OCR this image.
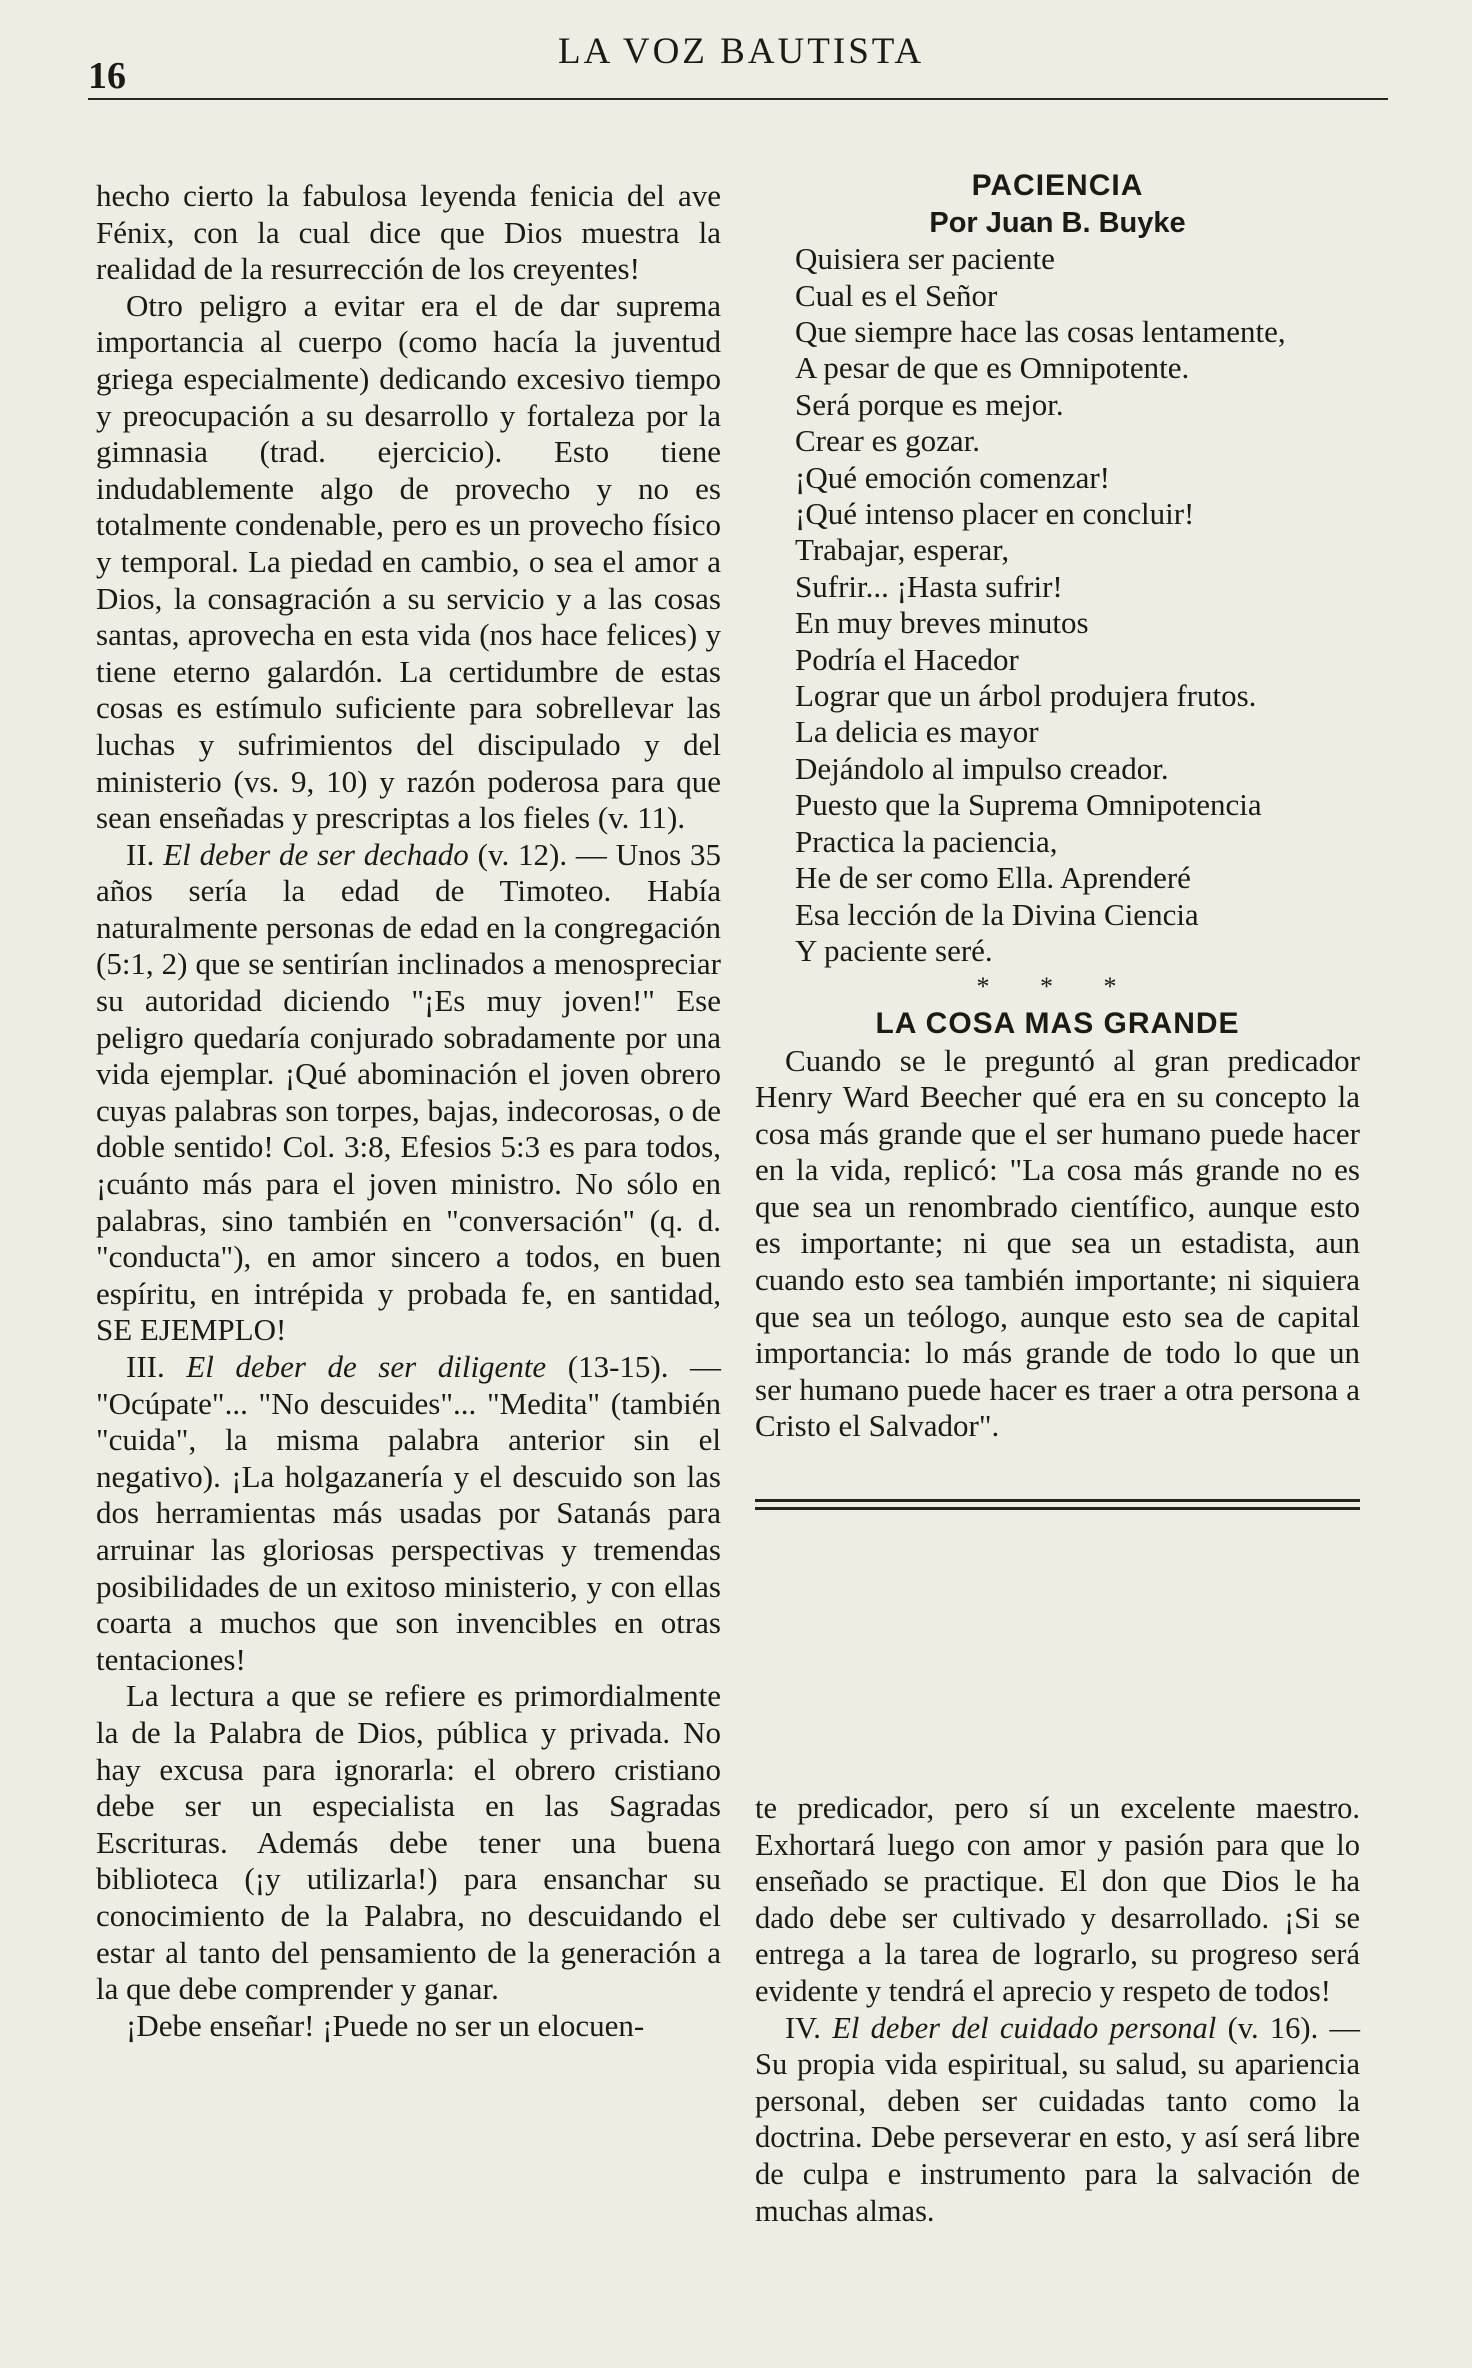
16
LA VOZ BAUTISTA

hecho cierto la fabulosa leyenda fenicia del ave Fénix, con la cual dice que Dios muestra la realidad de la resurrección de los creyentes!

Otro peligro a evitar era el de dar suprema importancia al cuerpo (como hacía la juventud griega especialmente) dedicando excesivo tiempo y preocupación a su desarrollo y fortaleza por la gimnasia (trad. ejercicio). Esto tiene indudablemente algo de provecho y no es totalmente condenable, pero es un provecho físico y temporal. La piedad en cambio, o sea el amor a Dios, la consagración a su servicio y a las cosas santas, aprovecha en esta vida (nos hace felices) y tiene eterno galardón. La certidumbre de estas cosas es estímulo suficiente para sobrellevar las luchas y sufrimientos del discipulado y del ministerio (vs. 9, 10) y razón poderosa para que sean enseñadas y prescriptas a los fieles (v. 11).

II. El deber de ser dechado (v. 12). — Unos 35 años sería la edad de Timoteo. Había naturalmente personas de edad en la congregación (5:1, 2) que se sentirían inclinados a menospreciar su autoridad diciendo "¡Es muy joven!" Ese peligro quedaría conjurado sobradamente por una vida ejemplar. ¡Qué abominación el joven obrero cuyas palabras son torpes, bajas, indecorosas, o de doble sentido! Col. 3:8, Efesios 5:3 es para todos, ¡cuánto más para el joven ministro. No sólo en palabras, sino también en "conversación" (q. d. "conducta"), en amor sincero a todos, en buen espíritu, en intrépida y probada fe, en santidad, SE EJEMPLO!

III. El deber de ser diligente (13-15). — "Ocúpate"... "No descuides"... "Medita" (también "cuida", la misma palabra anterior sin el negativo). ¡La holgazanería y el descuido son las dos herramientas más usadas por Satanás para arruinar las gloriosas perspectivas y tremendas posibilidades de un exitoso ministerio, y con ellas coarta a muchos que son invencibles en otras tentaciones!

La lectura a que se refiere es primordialmente la de la Palabra de Dios, pública y privada. No hay excusa para ignorarla: el obrero cristiano debe ser un especialista en las Sagradas Escrituras. Además debe tener una buena biblioteca (¡y utilizarla!) para ensanchar su conocimiento de la Palabra, no descuidando el estar al tanto del pensamiento de la generación a la que debe comprender y ganar.

¡Debe enseñar! ¡Puede no ser un elocuen-

PACIENCIA

Por Juan B. Buyke

Quisiera ser paciente
Cual es el Señor
Que siempre hace las cosas lentamente,
A pesar de que es Omnipotente.
Será porque es mejor.
Crear es gozar.
¡Qué emoción comenzar!
¡Qué intenso placer en concluir!
Trabajar, esperar,
Sufrir... ¡Hasta sufrir!
En muy breves minutos
Podría el Hacedor
Lograr que un árbol produjera frutos.
La delicia es mayor
Dejándolo al impulso creador.
Puesto que la Suprema Omnipotencia
Practica la paciencia,
He de ser como Ella. Aprenderé
Esa lección de la Divina Ciencia
Y paciente seré.

* * *

LA COSA MAS GRANDE

Cuando se le preguntó al gran predicador Henry Ward Beecher qué era en su concepto la cosa más grande que el ser humano puede hacer en la vida, replicó: "La cosa más grande no es que sea un renombrado científico, aunque esto es importante; ni que sea un estadista, aun cuando esto sea también importante; ni siquiera que sea un teólogo, aunque esto sea de capital importancia: lo más grande de todo lo que un ser humano puede hacer es traer a otra persona a Cristo el Salvador".

te predicador, pero sí un excelente maestro. Exhortará luego con amor y pasión para que lo enseñado se practique. El don que Dios le ha dado debe ser cultivado y desarrollado. ¡Si se entrega a la tarea de lograrlo, su progreso será evidente y tendrá el aprecio y respeto de todos!

IV. El deber del cuidado personal (v. 16). — Su propia vida espiritual, su salud, su apariencia personal, deben ser cuidadas tanto como la doctrina. Debe perseverar en esto, y así será libre de culpa e instrumento para la salvación de muchas almas.
